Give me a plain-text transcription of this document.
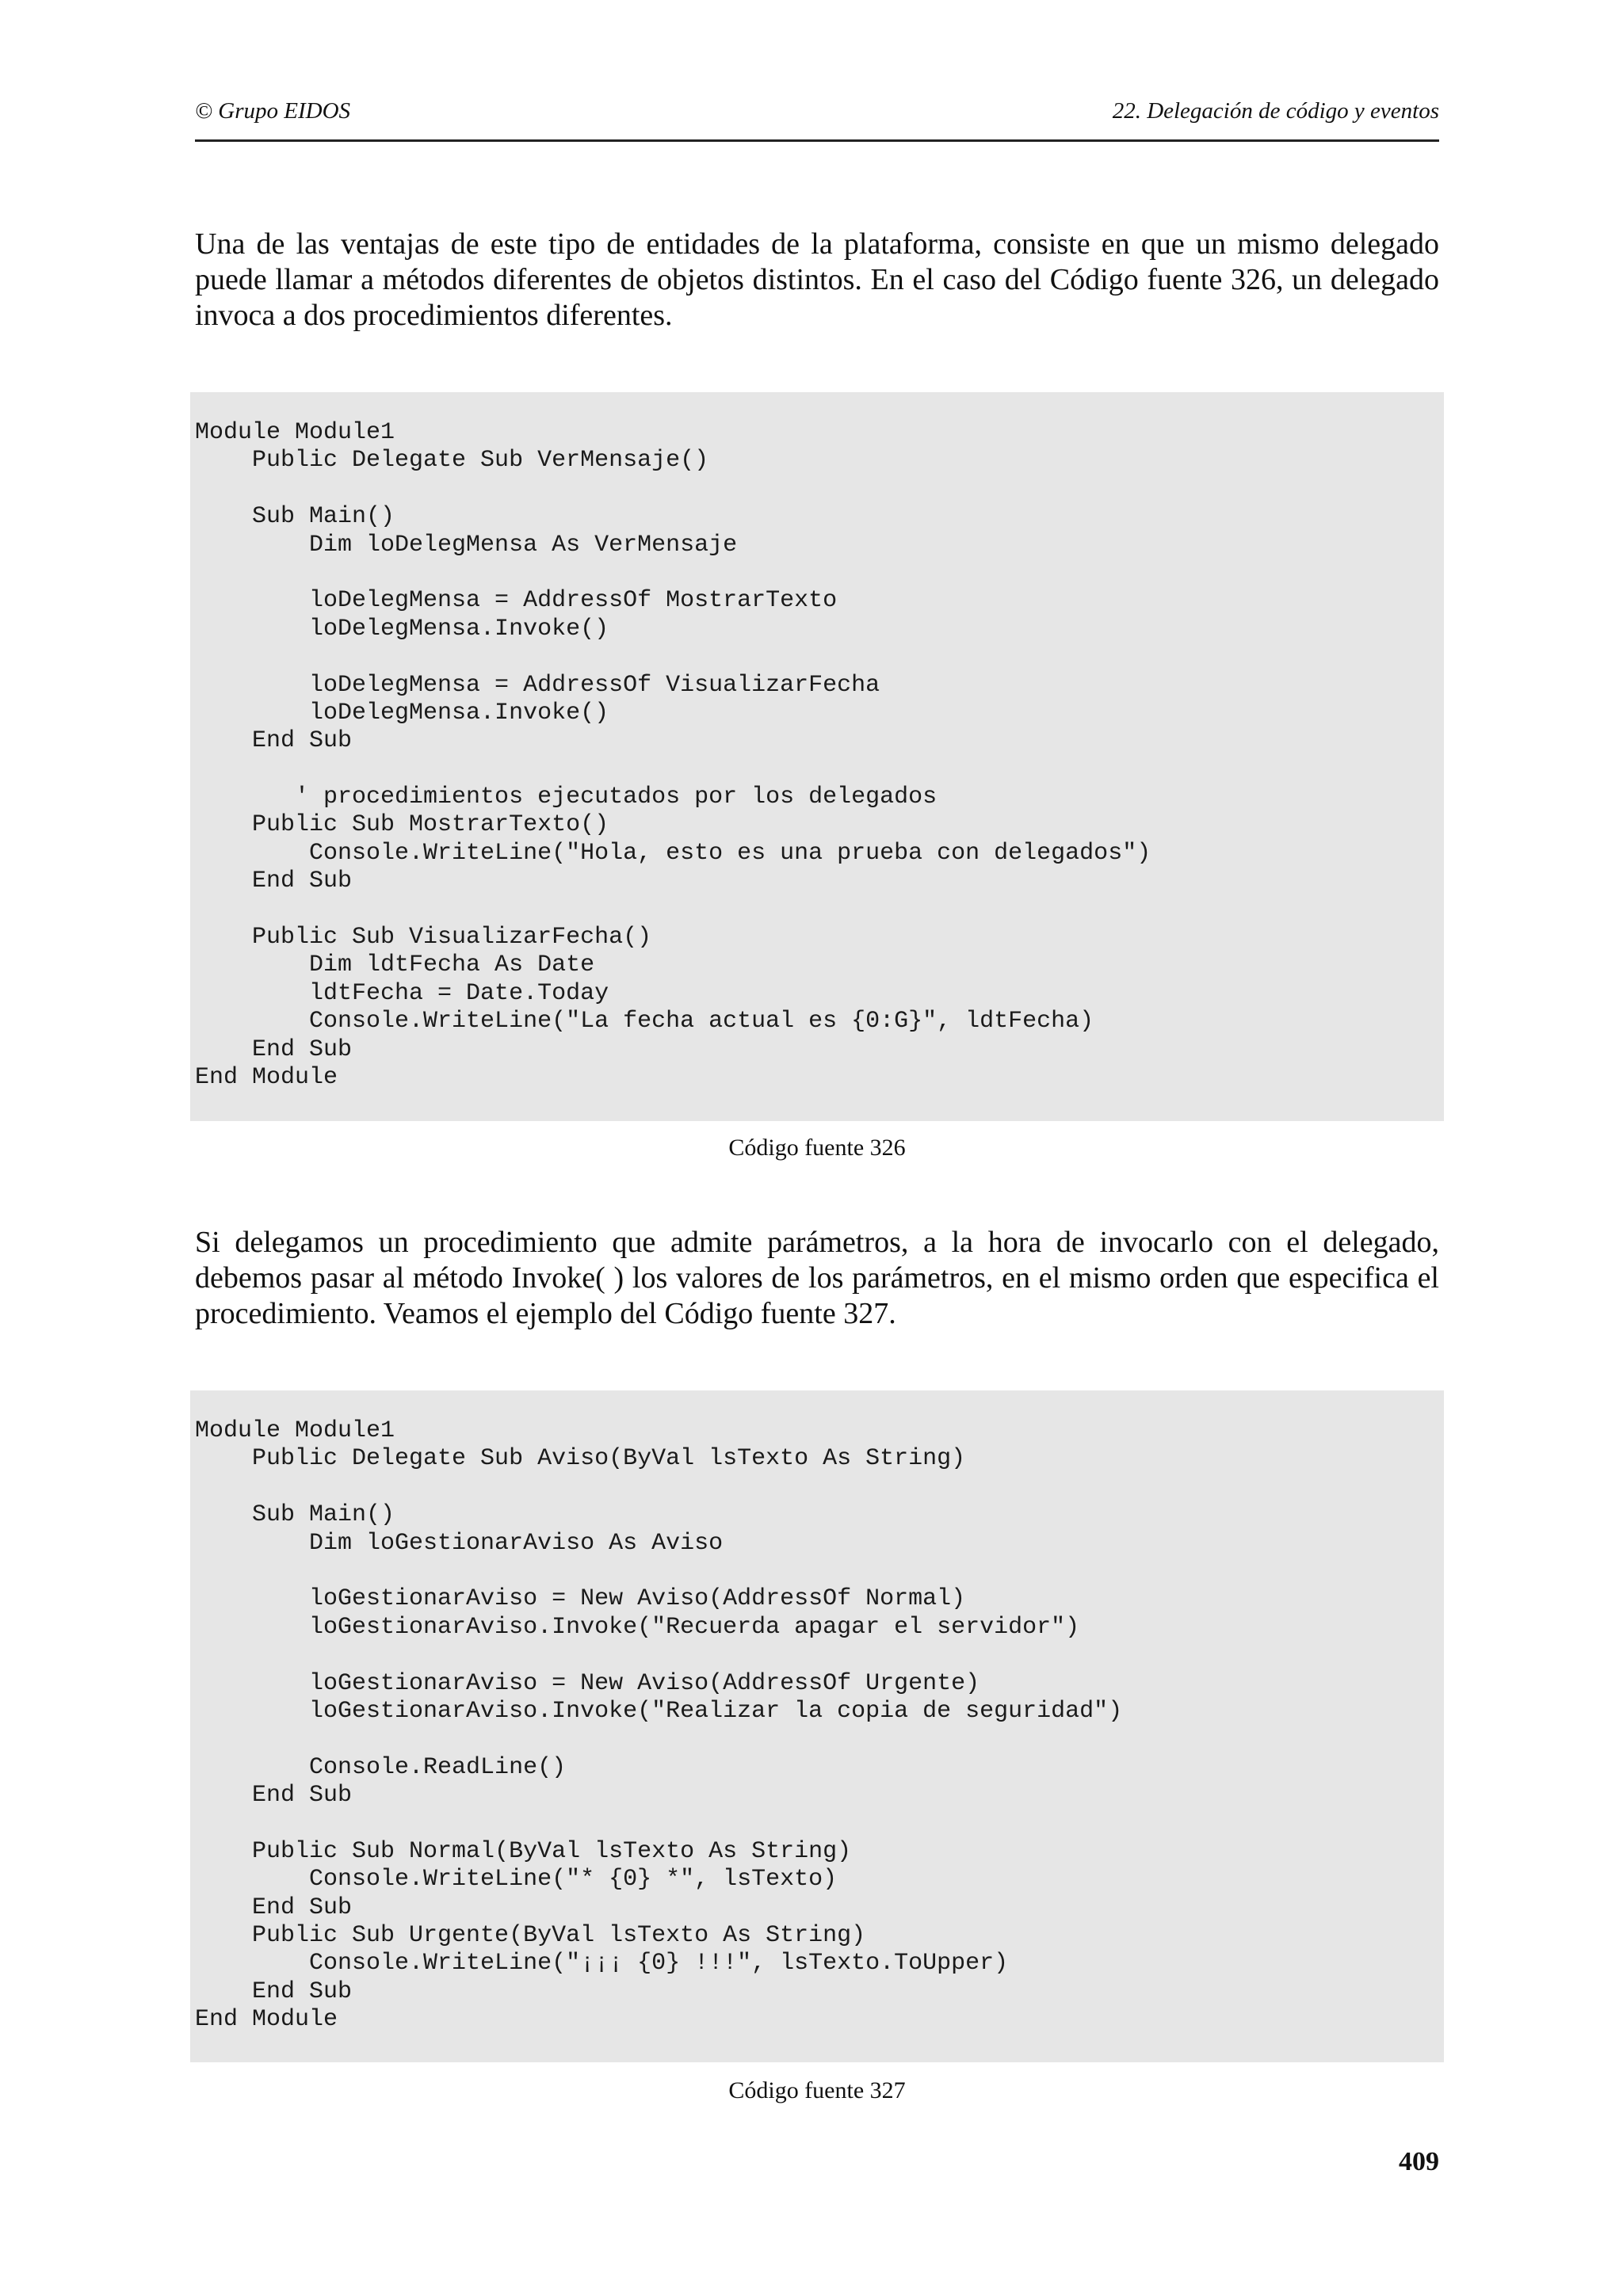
© Grupo EIDOS	22. Delegación de código y eventos

Una de las ventajas de este tipo de entidades de la plataforma, consiste en que un mismo delegado puede llamar a métodos diferentes de objetos distintos. En el caso del Código fuente 326, un delegado invoca a dos procedimientos diferentes.

Module Module1
Public Delegate Sub VerMensaje()
Sub Main()
Dim loDelegMensa As VerMensaje
loDelegMensa = AddressOf MostrarTexto
loDelegMensa.Invoke()
loDelegMensa = AddressOf VisualizarFecha
loDelegMensa.Invoke()
End Sub
' procedimientos ejecutados por los delegados
Public Sub MostrarTexto()
Console.WriteLine("Hola, esto es una prueba con delegados")
End Sub
Public Sub VisualizarFecha()
Dim ldtFecha As Date
ldtFecha = Date.Today
Console.WriteLine("La fecha actual es {0:G}", ldtFecha)
End Sub
End Module
Código fuente 326

Si delegamos un procedimiento que admite parámetros, a la hora de invocarlo con el delegado, debemos pasar al método Invoke( ) los valores de los parámetros, en el mismo orden que especifica el procedimiento. Veamos el ejemplo del Código fuente 327.

Module Module1
Public Delegate Sub Aviso(ByVal lsTexto As String)
Sub Main()
Dim loGestionarAviso As Aviso
loGestionarAviso = New Aviso(AddressOf Normal)
loGestionarAviso.Invoke("Recuerda apagar el servidor")
loGestionarAviso = New Aviso(AddressOf Urgente)
loGestionarAviso.Invoke("Realizar la copia de seguridad")
Console.ReadLine()
End Sub
Public Sub Normal(ByVal lsTexto As String)
Console.WriteLine("* {0} *", lsTexto)
End Sub
Public Sub Urgente(ByVal lsTexto As String)
Console.WriteLine("¡¡¡ {0} !!!", lsTexto.ToUpper)
End Sub
End Module
Código fuente 327
409
